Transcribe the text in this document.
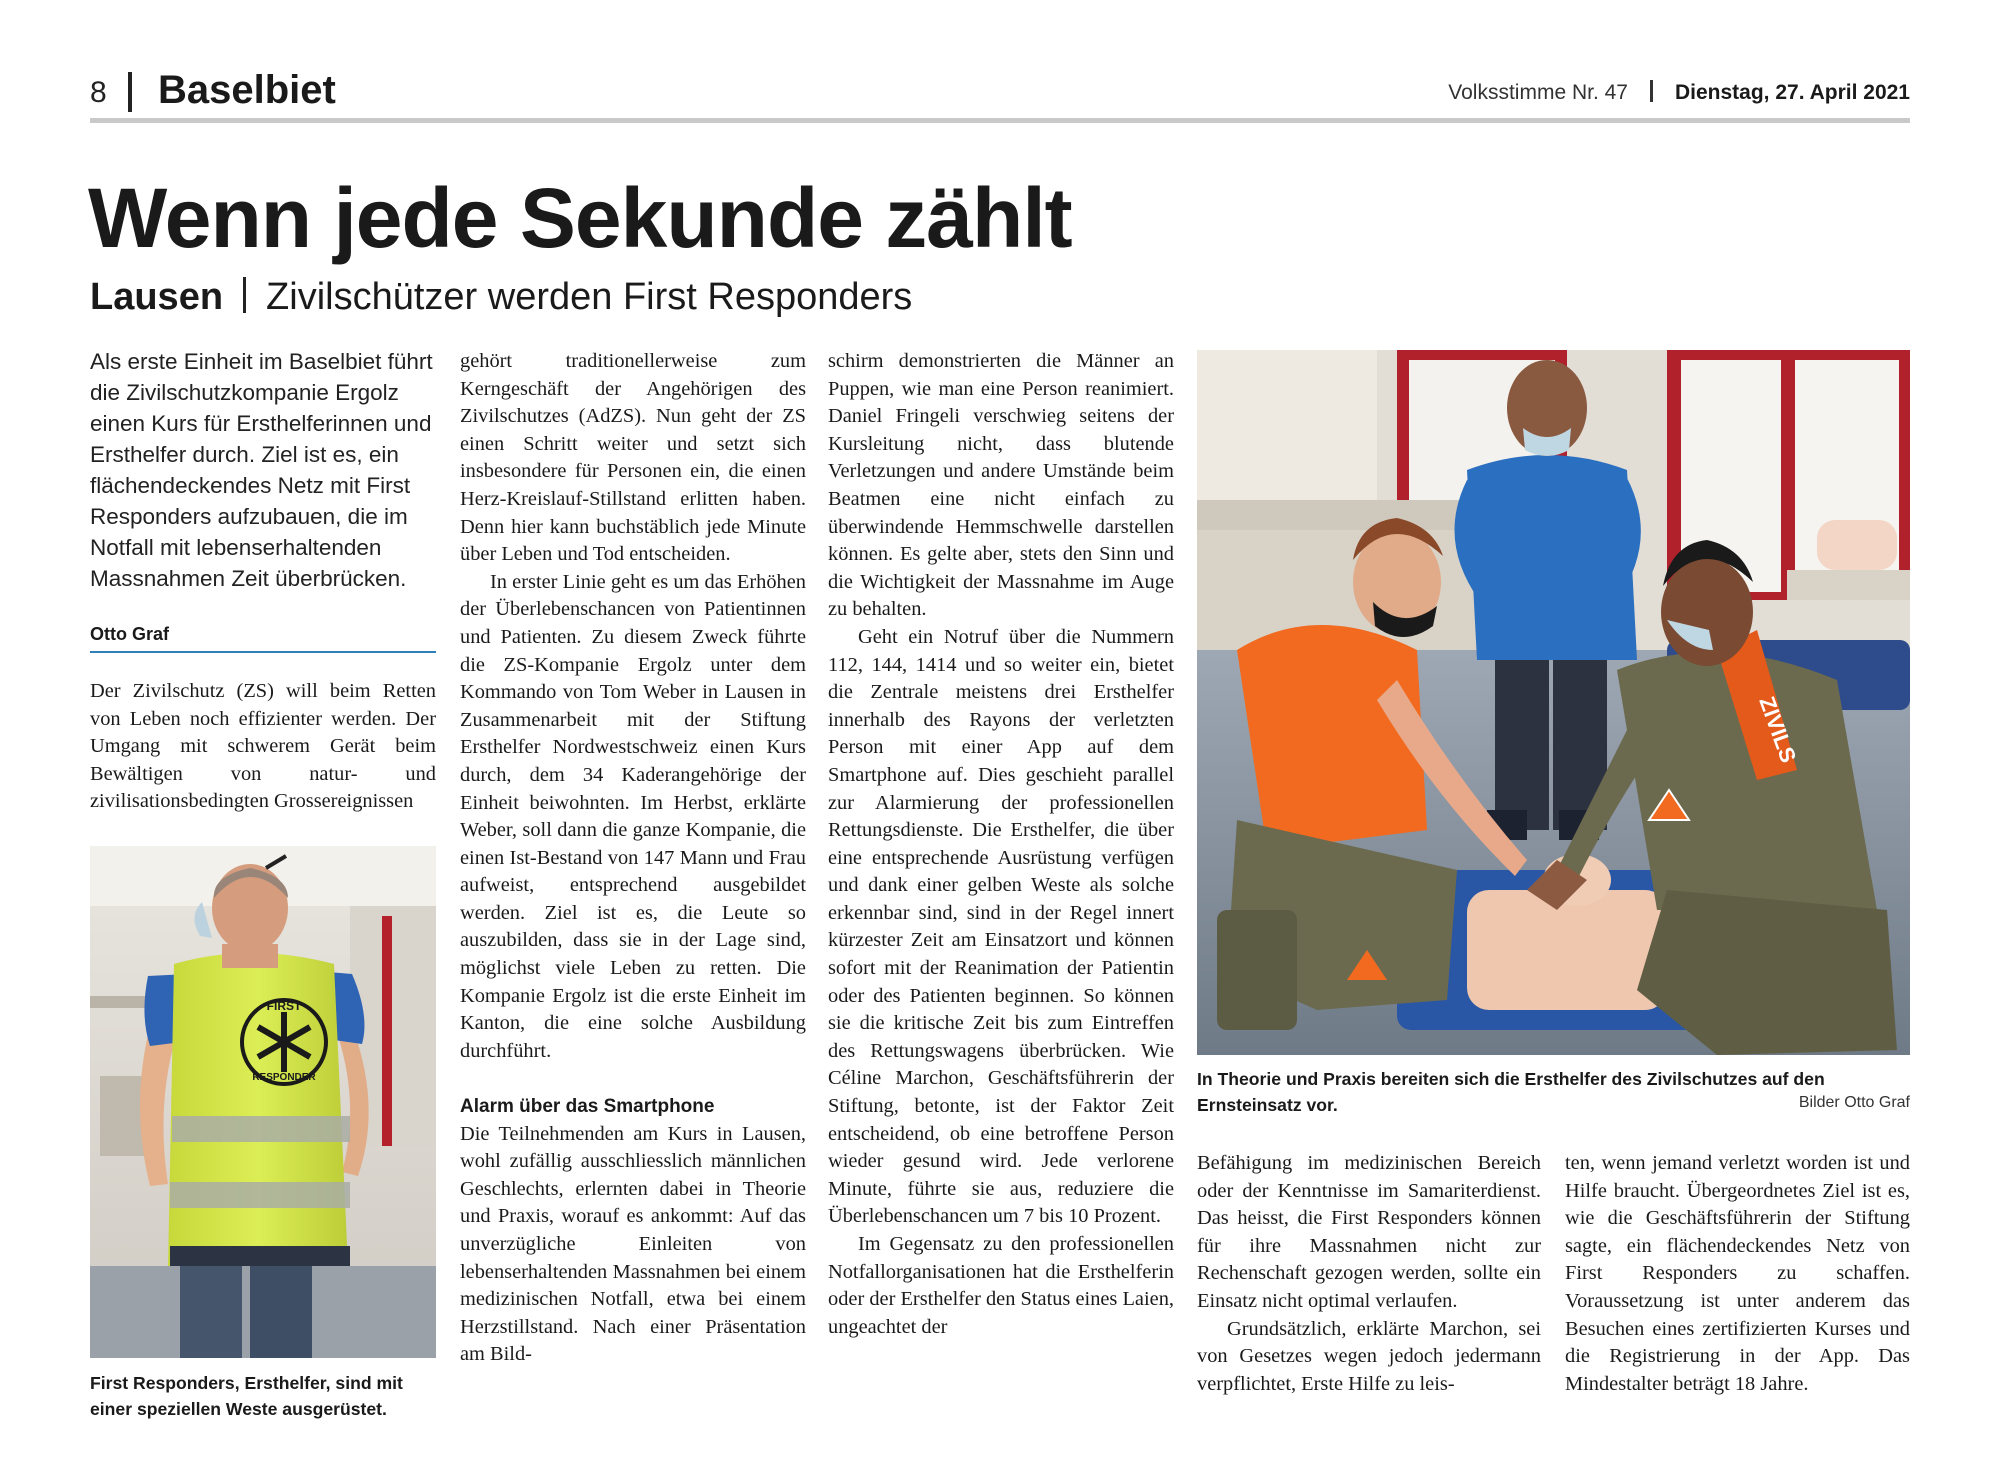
8 Baselbiet	Volksstimme Nr. 47 Dienstag, 27. April 2021
Wenn jede Sekunde zählt
Lausen Zivilschützer werden First Responders
Als erste Einheit im Baselbiet führt die Zivilschutzkompanie Ergolz einen Kurs für Ersthelferinnen und Ersthelfer durch. Ziel ist es, ein flächendeckendes Netz mit First Responders aufzubauen, die im Notfall mit lebenserhaltenden Massnahmen Zeit überbrücken.
Otto Graf

Der Zivilschutz (ZS) will beim Retten von Leben noch effizienter werden. Der Umgang mit schwerem Gerät beim Bewältigen von natur- und zivilisationsbedingten Grossereignissen

FIRST
RESPONDER
First Responders, Ersthelfer, sind mit einer speziellen Weste ausgerüstet.

gehört traditionellerweise zum Kerngeschäft der Angehörigen des Zivilschutzes (AdZS). Nun geht der ZS einen Schritt weiter und setzt sich insbesondere für Personen ein, die einen Herz-Kreislauf-Stillstand erlitten haben. Denn hier kann buchstäblich jede Minute über Leben und Tod entscheiden.

In erster Linie geht es um das Erhöhen der Überlebenschancen von Patientinnen und Patienten. Zu diesem Zweck führte die ZS-Kompanie Ergolz unter dem Kommando von Tom Weber in Lausen in Zusammenarbeit mit der Stiftung Ersthelfer Nordwestschweiz einen Kurs durch, dem 34 Kaderangehörige der Einheit beiwohnten. Im Herbst, erklärte Weber, soll dann die ganze Kompanie, die einen Ist-Bestand von 147 Mann und Frau aufweist, entsprechend ausgebildet werden. Ziel ist es, die Leute so auszubilden, dass sie in der Lage sind, möglichst viele Leben zu retten. Die Kompanie Ergolz ist die erste Einheit im Kanton, die eine solche Ausbildung durchführt.

Alarm über das Smartphone

Die Teilnehmenden am Kurs in Lausen, wohl zufällig ausschliesslich männlichen Geschlechts, erlernten dabei in Theorie und Praxis, worauf es ankommt: Auf das unverzügliche Einleiten von lebenserhaltenden Massnahmen bei einem medizinischen Notfall, etwa bei einem Herzstillstand. Nach einer Präsentation am Bild-

schirm demonstrierten die Männer an Puppen, wie man eine Person reanimiert. Daniel Fringeli verschwieg seitens der Kursleitung nicht, dass blutende Verletzungen und andere Umstände beim Beatmen eine nicht einfach zu überwindende Hemmschwelle darstellen können. Es gelte aber, stets den Sinn und die Wichtigkeit der Massnahme im Auge zu behalten.

Geht ein Notruf über die Nummern 112, 144, 1414 und so weiter ein, bietet die Zentrale meistens drei Ersthelfer innerhalb des Rayons der verletzten Person mit einer App auf dem Smartphone auf. Dies geschieht parallel zur Alarmierung der professionellen Rettungsdienste. Die Ersthelfer, die über eine entsprechende Ausrüstung verfügen und dank einer gelben Weste als solche erkennbar sind, sind in der Regel innert kürzester Zeit am Einsatzort und können sofort mit der Reanimation der Patientin oder des Patienten beginnen. So können sie die kritische Zeit bis zum Eintreffen des Rettungswagens überbrücken. Wie Céline Marchon, Geschäftsführerin der Stiftung, betonte, ist der Faktor Zeit entscheidend, ob eine betroffene Person wieder gesund wird. Jede verlorene Minute, führte sie aus, reduziere die Überlebenschancen um 7 bis 10 Prozent.

Im Gegensatz zu den professionellen Notfallorganisationen hat die Ersthelferin oder der Ersthelfer den Status eines Laien, ungeachtet der

ZIVILS
In Theorie und Praxis bereiten sich die Ersthelfer des Zivilschutzes auf den Ernsteinsatz vor.	Bilder Otto Graf

Befähigung im medizinischen Bereich oder der Kenntnisse im Samariterdienst. Das heisst, die First Responders können für ihre Massnahmen nicht zur Rechenschaft gezogen werden, sollte ein Einsatz nicht optimal verlaufen.

Grundsätzlich, erklärte Marchon, sei von Gesetzes wegen jedoch jedermann verpflichtet, Erste Hilfe zu leis-

ten, wenn jemand verletzt worden ist und Hilfe braucht. Übergeordnetes Ziel ist es, wie die Geschäftsführerin der Stiftung sagte, ein flächendeckendes Netz von First Responders zu schaffen. Voraussetzung ist unter anderem das Besuchen eines zertifizierten Kurses und die Registrierung in der App. Das Mindestalter beträgt 18 Jahre.
